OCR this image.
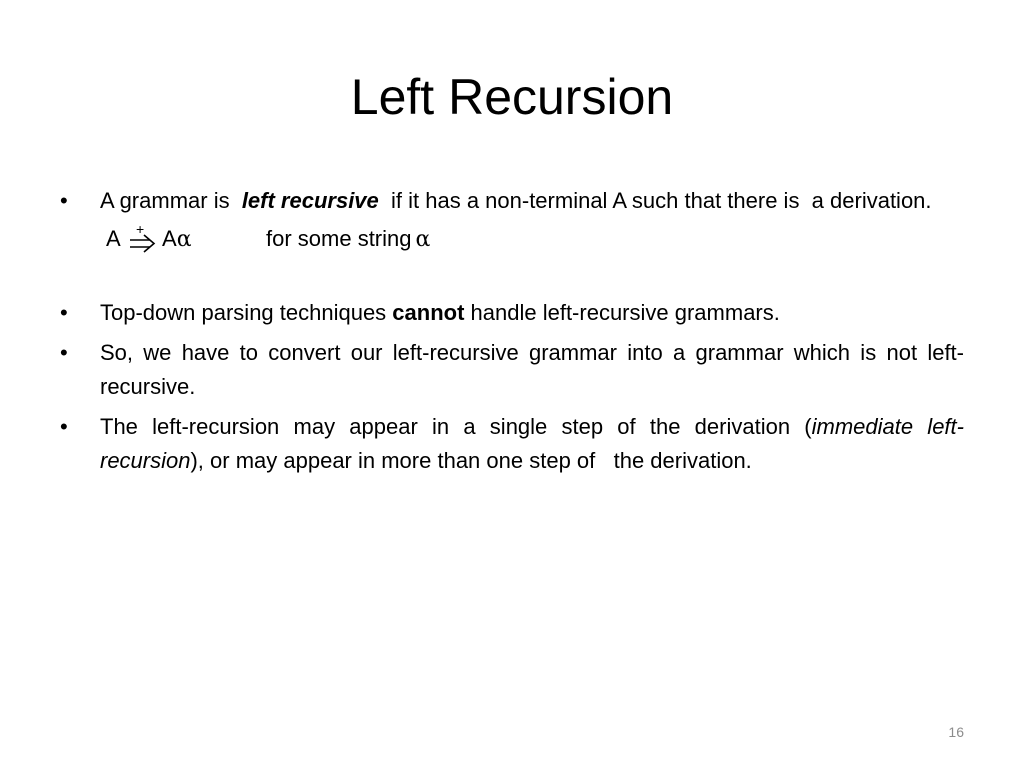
Left Recursion
•	A grammar is  left recursive  if it has a non-terminal A such that there is  a derivation.
A + Aα	for some string α
•	Top-down parsing techniques cannot handle left-recursive grammars.
•	So, we have to convert our left-recursive grammar into a grammar which is not left-recursive.
•	The left-recursion may appear in a single step of the derivation (immediate left-recursion), or may appear in more than one step of   the derivation.
16
